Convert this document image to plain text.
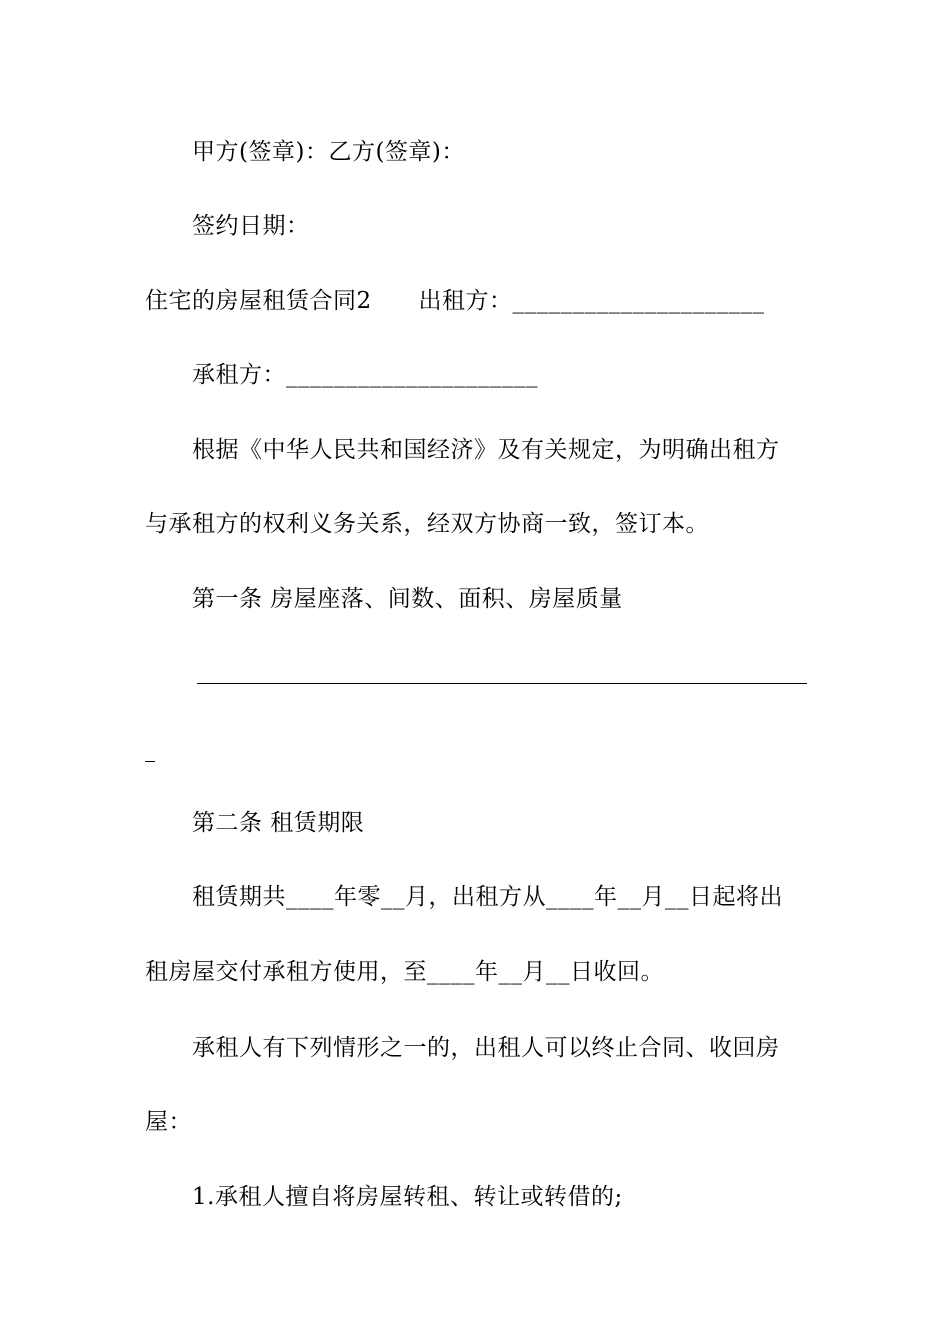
甲方(签章)：乙方(签章)：
签约日期：
住宅的房屋租赁合同2      出租方：_____________________
承租方：_____________________
根据《中华人民共和国经济》及有关规定，为明确出租方
与承租方的权利义务关系，经双方协商一致，签订本。
第一条 房屋座落、间数、面积、房屋质量
第二条 租赁期限
租赁期共____年零__月，出租方从____年__月__日起将出
租房屋交付承租方使用，至____年__月__日收回。
承租人有下列情形之一的，出租人可以终止合同、收回房
屋：
1.承租人擅自将房屋转租、转让或转借的;
